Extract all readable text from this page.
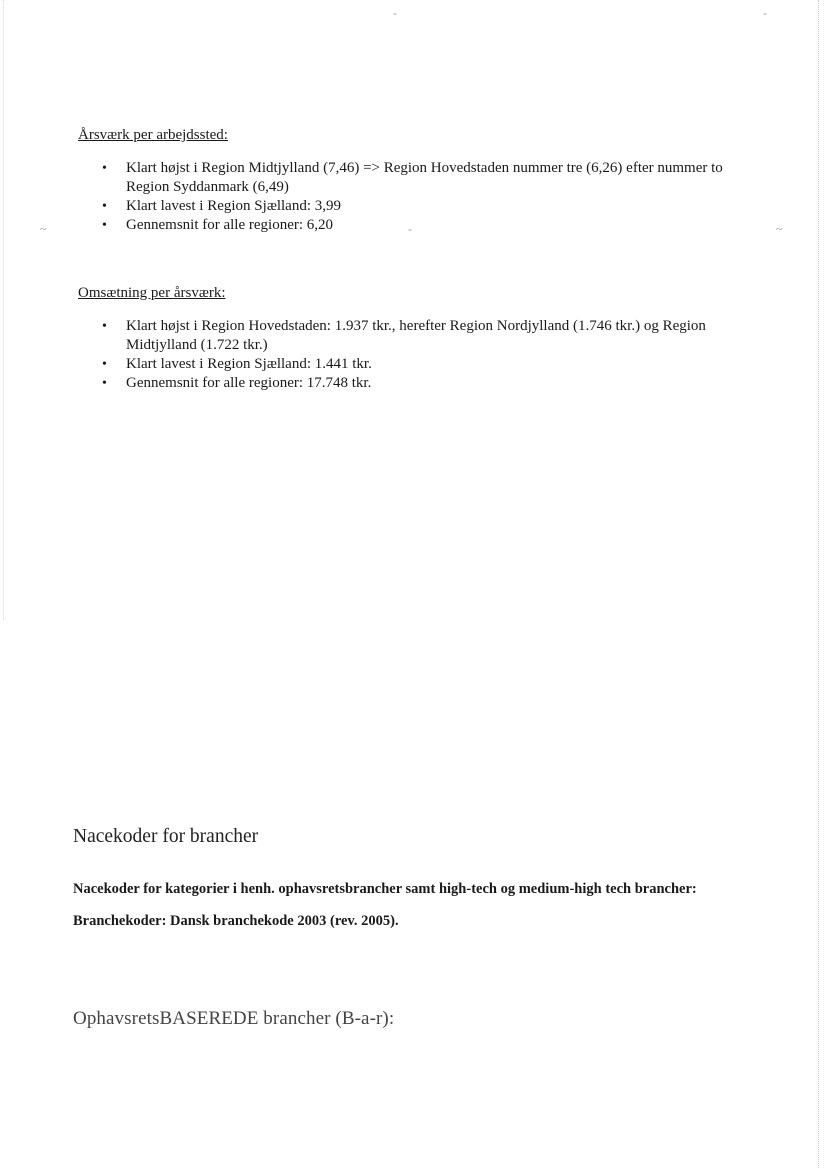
-	-
~	-	~
Årsværk per arbejdssted:
• Klart højst i Region Midtjylland (7,46) => Region Hovedstaden nummer tre (6,26) efter nummer to Region Syddanmark (6,49)
• Klart lavest i Region Sjælland: 3,99
• Gennemsnit for alle regioner: 6,20
Omsætning per årsværk:
• Klart højst i Region Hovedstaden: 1.937 tkr., herefter Region Nordjylland (1.746 tkr.) og Region Midtjylland (1.722 tkr.)
• Klart lavest i Region Sjælland: 1.441 tkr.
• Gennemsnit for alle regioner: 17.748 tkr.
Nacekoder for brancher

Nacekoder for kategorier i henh. ophavsretsbrancher samt high-tech og medium-high tech brancher:

Branchekoder: Dansk branchekode 2003 (rev. 2005).

OphavsretsBASEREDE brancher (B-a-r):
